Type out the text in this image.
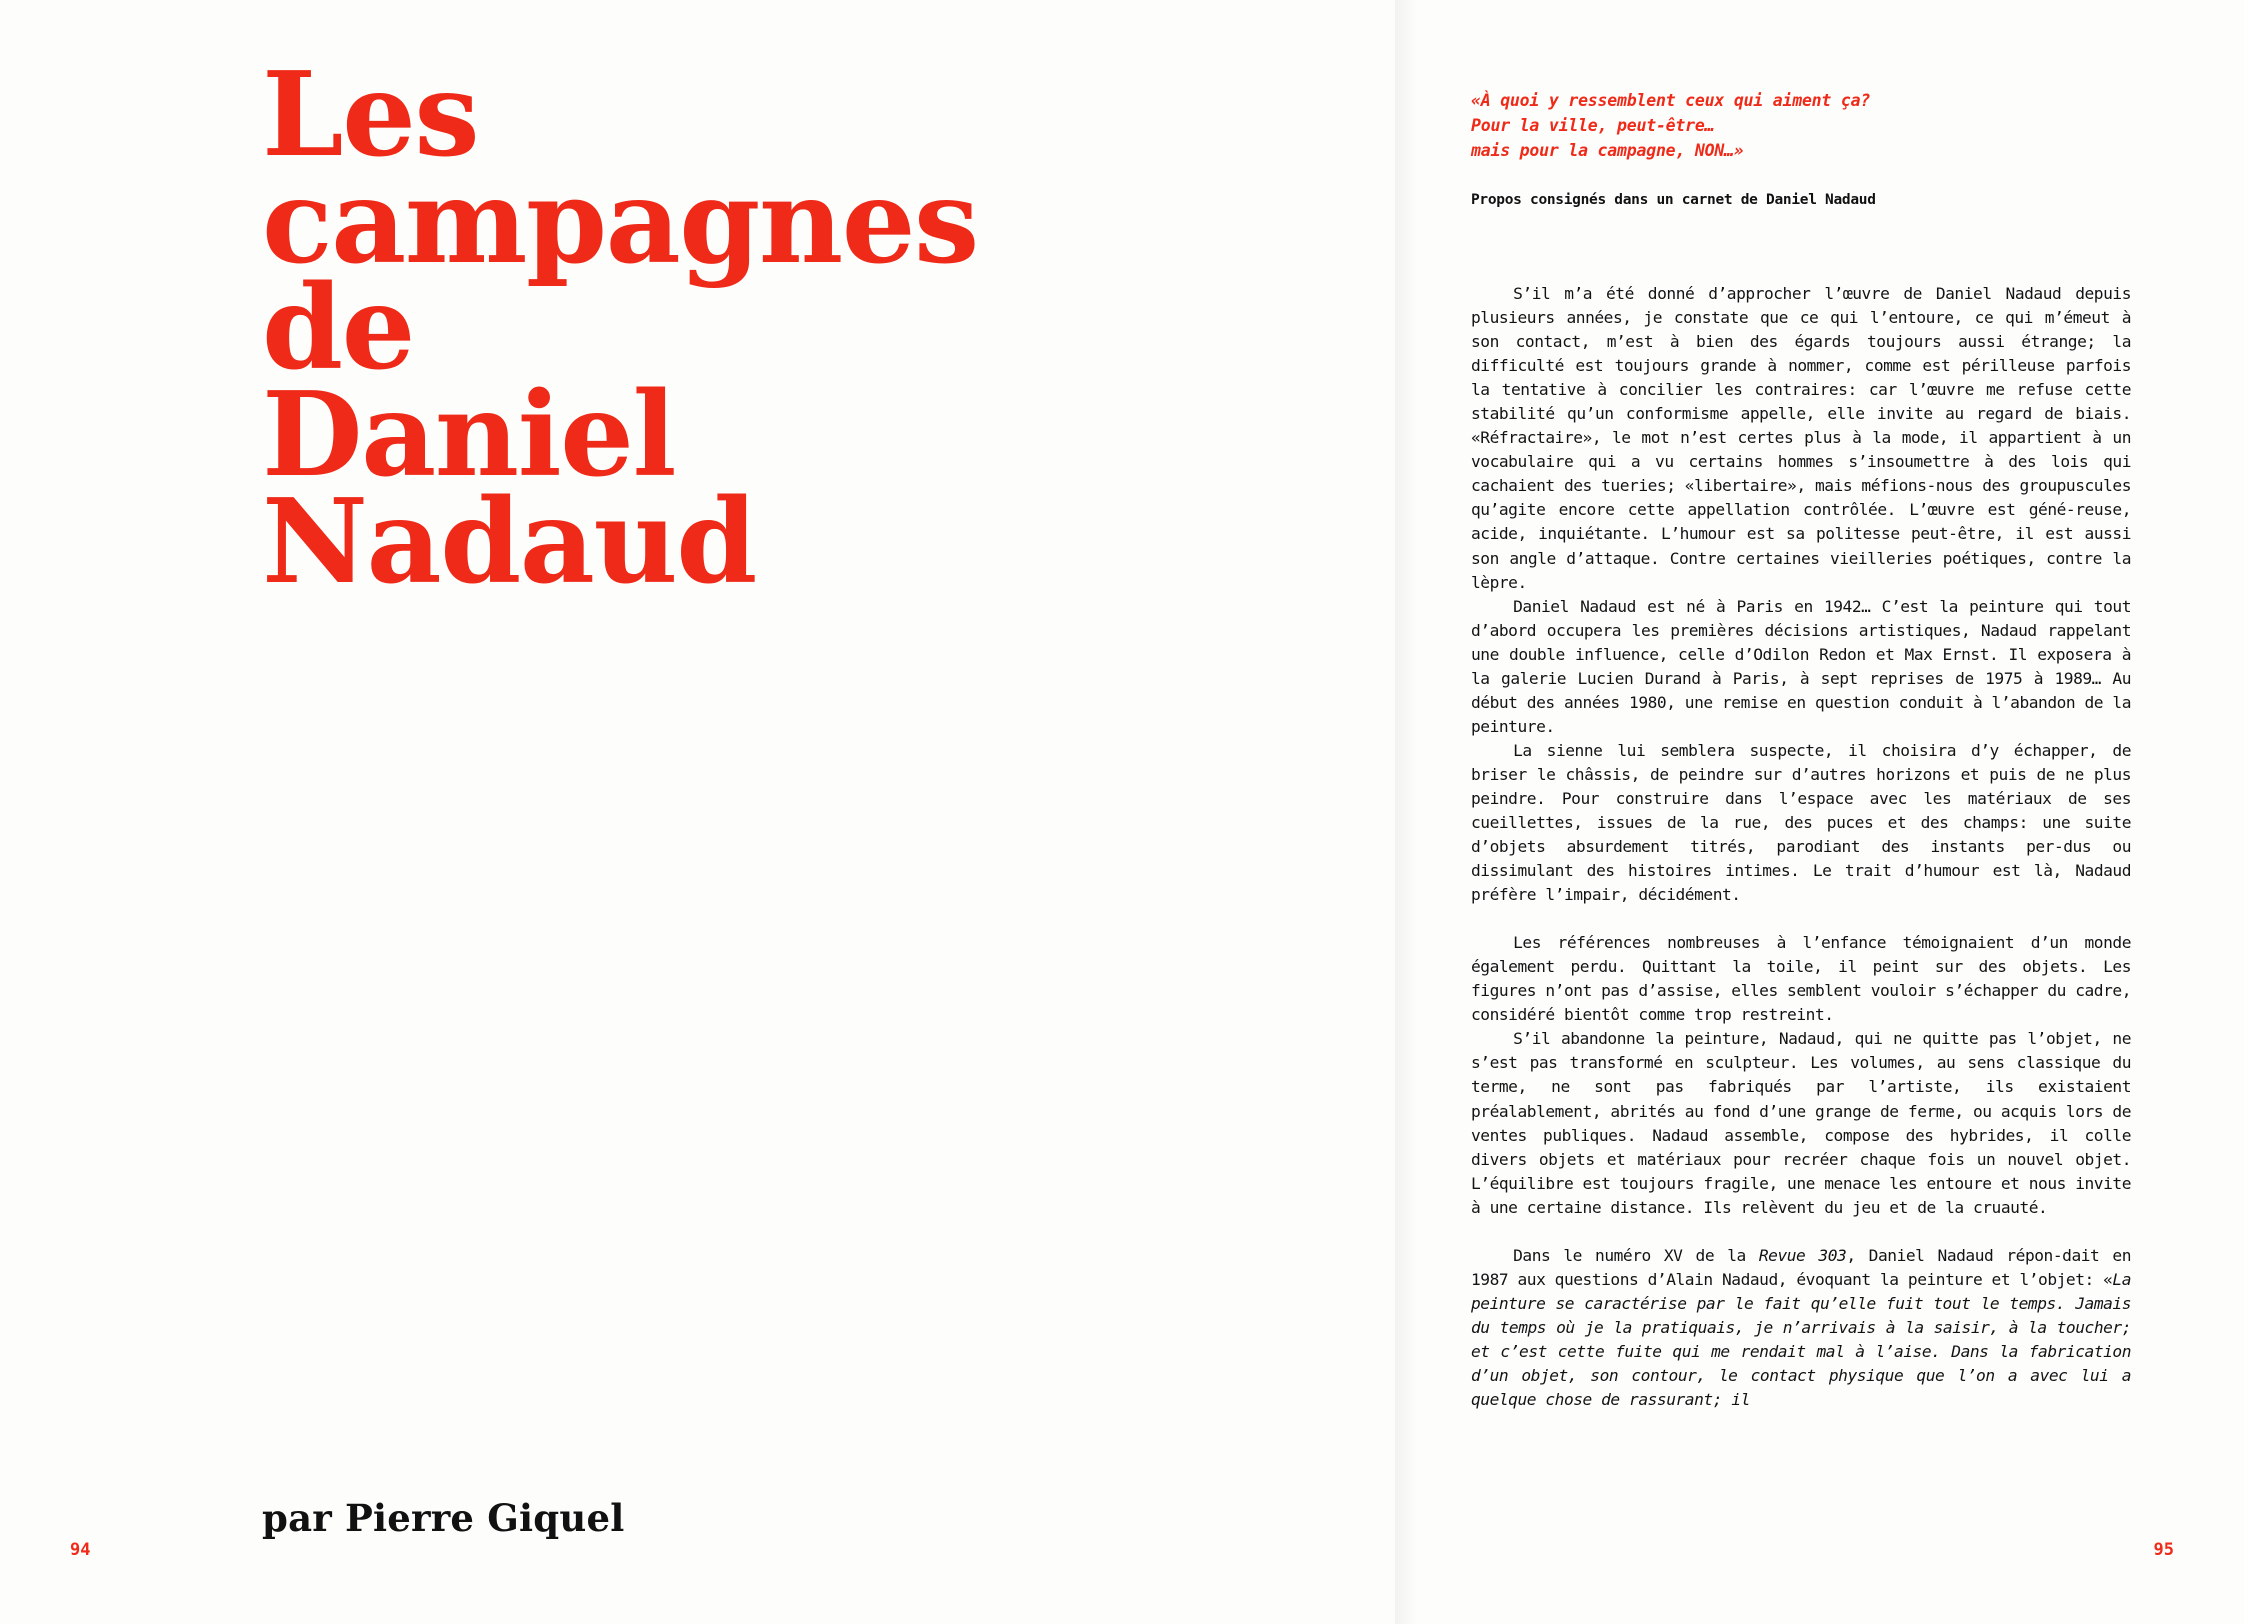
Les
campagnes
de
Daniel
Nadaud
par Pierre Giquel
94
«À quoi y ressemblent ceux qui aiment ça?
Pour la ville, peut-être…
mais pour la campagne, NON…»
Propos consignés dans un carnet de Daniel Nadaud

S’il m’a été donné d’approcher l’œuvre de Daniel Nadaud depuis plusieurs années, je constate que ce qui l’entoure, ce qui m’émeut à son contact, m’est à bien des égards toujours aussi étrange; la difficulté est toujours grande à nommer, comme est périlleuse parfois la tentative à concilier les contraires: car l’œuvre me refuse cette stabilité qu’un conformisme appelle, elle invite au regard de biais. «Réfractaire», le mot n’est certes plus à la mode, il appartient à un vocabulaire qui a vu certains hommes s’insoumettre à des lois qui cachaient des tueries; «libertaire», mais méfions-nous des groupuscules qu’agite encore cette appellation contrôlée. L’œuvre est géné-reuse, acide, inquiétante. L’humour est sa politesse peut-être, il est aussi son angle d’attaque. Contre certaines vieilleries poétiques, contre la lèpre.

Daniel Nadaud est né à Paris en 1942… C’est la peinture qui tout d’abord occupera les premières décisions artistiques, Nadaud rappelant une double influence, celle d’Odilon Redon et Max Ernst. Il exposera à la galerie Lucien Durand à Paris, à sept reprises de 1975 à 1989… Au début des années 1980, une remise en question conduit à l’abandon de la peinture.

La sienne lui semblera suspecte, il choisira d’y échapper, de briser le châssis, de peindre sur d’autres horizons et puis de ne plus peindre. Pour construire dans l’espace avec les matériaux de ses cueillettes, issues de la rue, des puces et des champs: une suite d’objets absurdement titrés, parodiant des instants per-dus ou dissimulant des histoires intimes. Le trait d’humour est là, Nadaud préfère l’impair, décidément.

Les références nombreuses à l’enfance témoignaient d’un monde également perdu. Quittant la toile, il peint sur des objets. Les figures n’ont pas d’assise, elles semblent vouloir s’échapper du cadre, considéré bientôt comme trop restreint.

S’il abandonne la peinture, Nadaud, qui ne quitte pas l’objet, ne s’est pas transformé en sculpteur. Les volumes, au sens classique du terme, ne sont pas fabriqués par l’artiste, ils existaient préalablement, abrités au fond d’une grange de ferme, ou acquis lors de ventes publiques. Nadaud assemble, compose des hybrides, il colle divers objets et matériaux pour recréer chaque fois un nouvel objet. L’équilibre est toujours fragile, une menace les entoure et nous invite à une certaine distance. Ils relèvent du jeu et de la cruauté.

Dans le numéro XV de la Revue 303, Daniel Nadaud répon-dait en 1987 aux questions d’Alain Nadaud, évoquant la peinture et l’objet: «La peinture se caractérise par le fait qu’elle fuit tout le temps. Jamais du temps où je la pratiquais, je n’arrivais à la saisir, à la toucher; et c’est cette fuite qui me rendait mal à l’aise. Dans la fabrication d’un objet, son contour, le contact physique que l’on a avec lui a quelque chose de rassurant; il

95
